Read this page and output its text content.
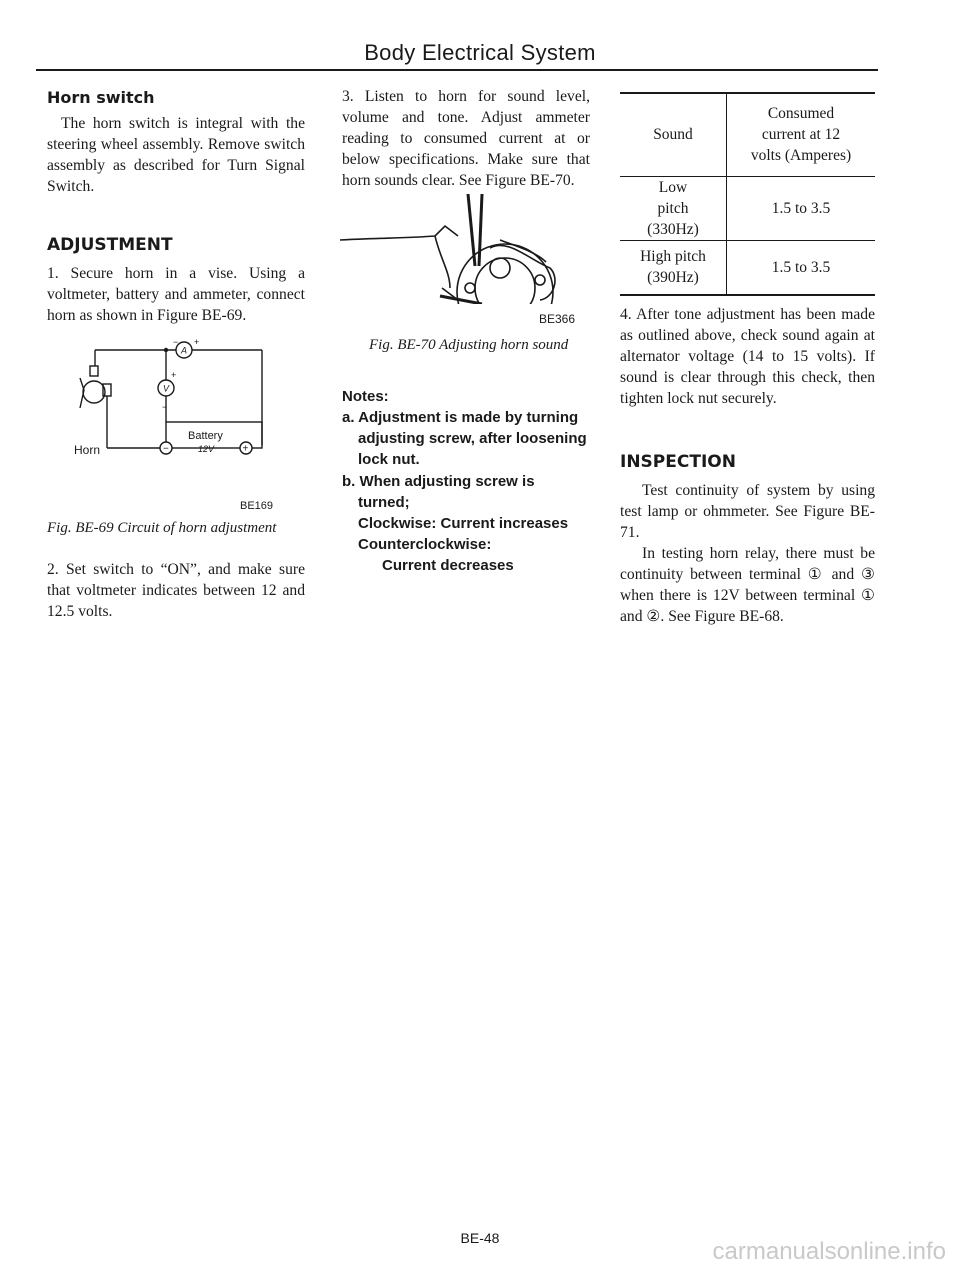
Body Electrical System
Horn switch
The horn switch is integral with the steering wheel assembly. Remove switch assembly as described for Turn Signal Switch.
ADJUSTMENT
1. Secure horn in a vise. Using a voltmeter, battery and ammeter, connect horn as shown in Figure BE-69.
−
A
+
+
V
−
Horn
Battery
−	12V	+
BE169
Fig. BE-69 Circuit of horn adjustment
2. Set switch to “ON”, and make sure that voltmeter indicates between 12 and 12.5 volts.
3. Listen to horn for sound level, volume and tone. Adjust ammeter reading to consumed current at or below specifications. Make sure that horn sounds clear. See Figure BE-70.
BE366
Fig. BE-70 Adjusting horn sound
Notes:
a. Adjustment is made by turning adjusting screw, after loosening lock nut.
b. When adjusting screw is turned;
Clockwise: Current increases
Counterclockwise:
Current decreases
Sound	Consumed current at 12 volts (Amperes)
Low pitch (330Hz)	1.5 to 3.5
High pitch (390Hz)	1.5 to 3.5
4. After tone adjustment has been made as outlined above, check sound again at alternator voltage (14 to 15 volts). If sound is clear through this check, then tighten lock nut securely.
INSPECTION
Test continuity of system by using test lamp or ohmmeter. See Figure BE-71.
In testing horn relay, there must be continuity between terminal ① and ③ when there is 12V between terminal ① and ②. See Figure BE-68.
BE-48	carmanualsonline.info
